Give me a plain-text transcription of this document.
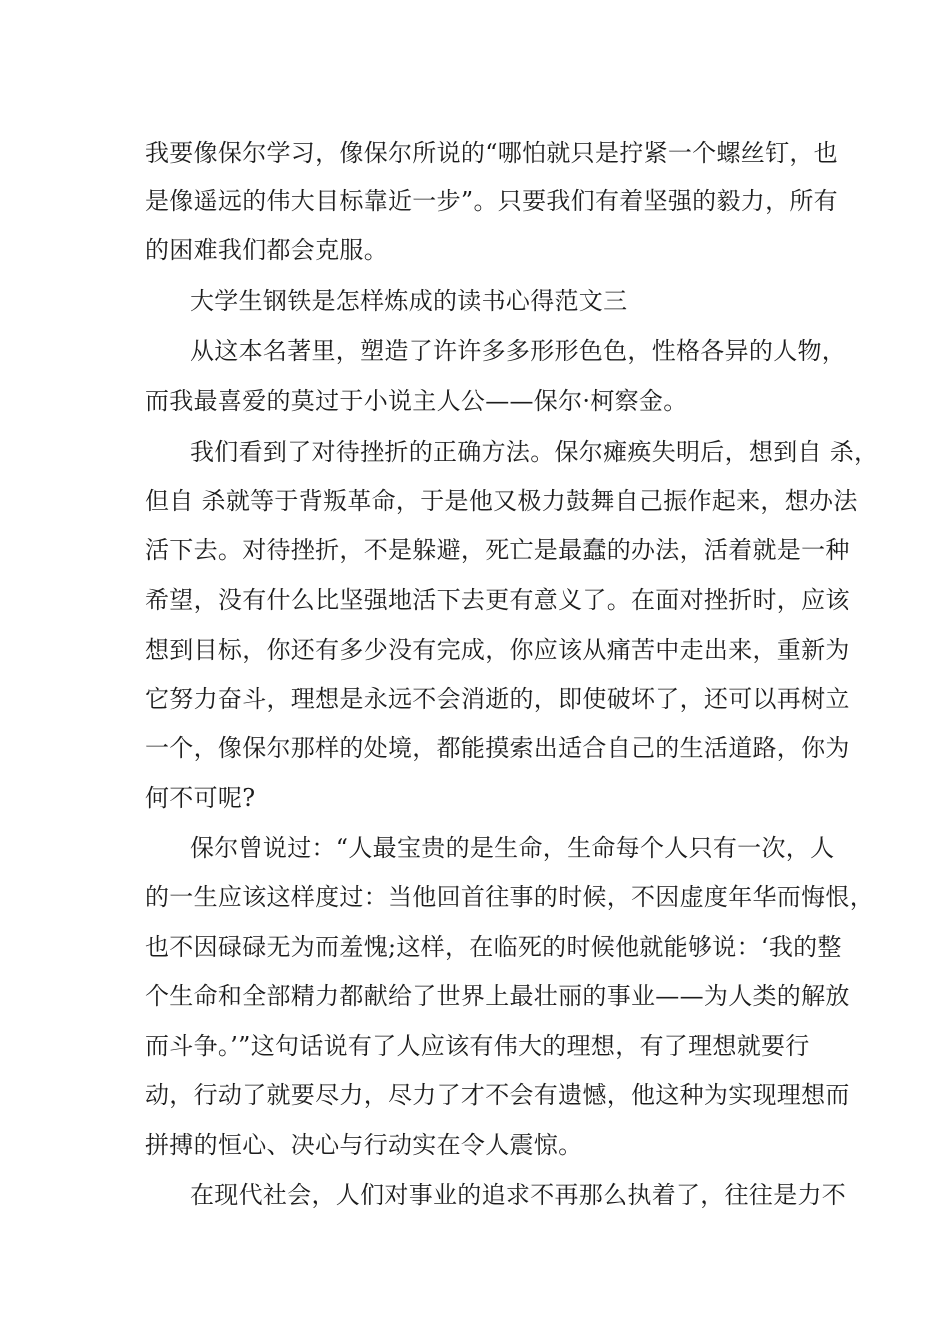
我要像保尔学习，像保尔所说的“哪怕就只是拧紧一个螺丝钉，也
是像遥远的伟大目标靠近一步”。只要我们有着坚强的毅力，所有
的困难我们都会克服。
大学生钢铁是怎样炼成的读书心得范文三
从这本名著里，塑造了许许多多形形色色，性格各异的人物，
而我最喜爱的莫过于小说主人公——保尔·柯察金。
我们看到了对待挫折的正确方法。保尔瘫痪失明后，想到自 杀，
但自 杀就等于背叛革命，于是他又极力鼓舞自己振作起来，想办法
活下去。对待挫折，不是躲避，死亡是最蠢的办法，活着就是一种
希望，没有什么比坚强地活下去更有意义了。在面对挫折时，应该
想到目标，你还有多少没有完成，你应该从痛苦中走出来，重新为
它努力奋斗，理想是永远不会消逝的，即使破坏了，还可以再树立
一个，像保尔那样的处境，都能摸索出适合自己的生活道路，你为
何不可呢?
保尔曾说过：“人最宝贵的是生命，生命每个人只有一次，人
的一生应该这样度过：当他回首往事的时候，不因虚度年华而悔恨，
也不因碌碌无为而羞愧;这样，在临死的时候他就能够说：‘我的整
个生命和全部精力都献给了世界上最壮丽的事业——为人类的解放
而斗争。’”这句话说有了人应该有伟大的理想，有了理想就要行
动，行动了就要尽力，尽力了才不会有遗憾，他这种为实现理想而
拼搏的恒心、决心与行动实在令人震惊。
在现代社会，人们对事业的追求不再那么执着了，往往是力不
